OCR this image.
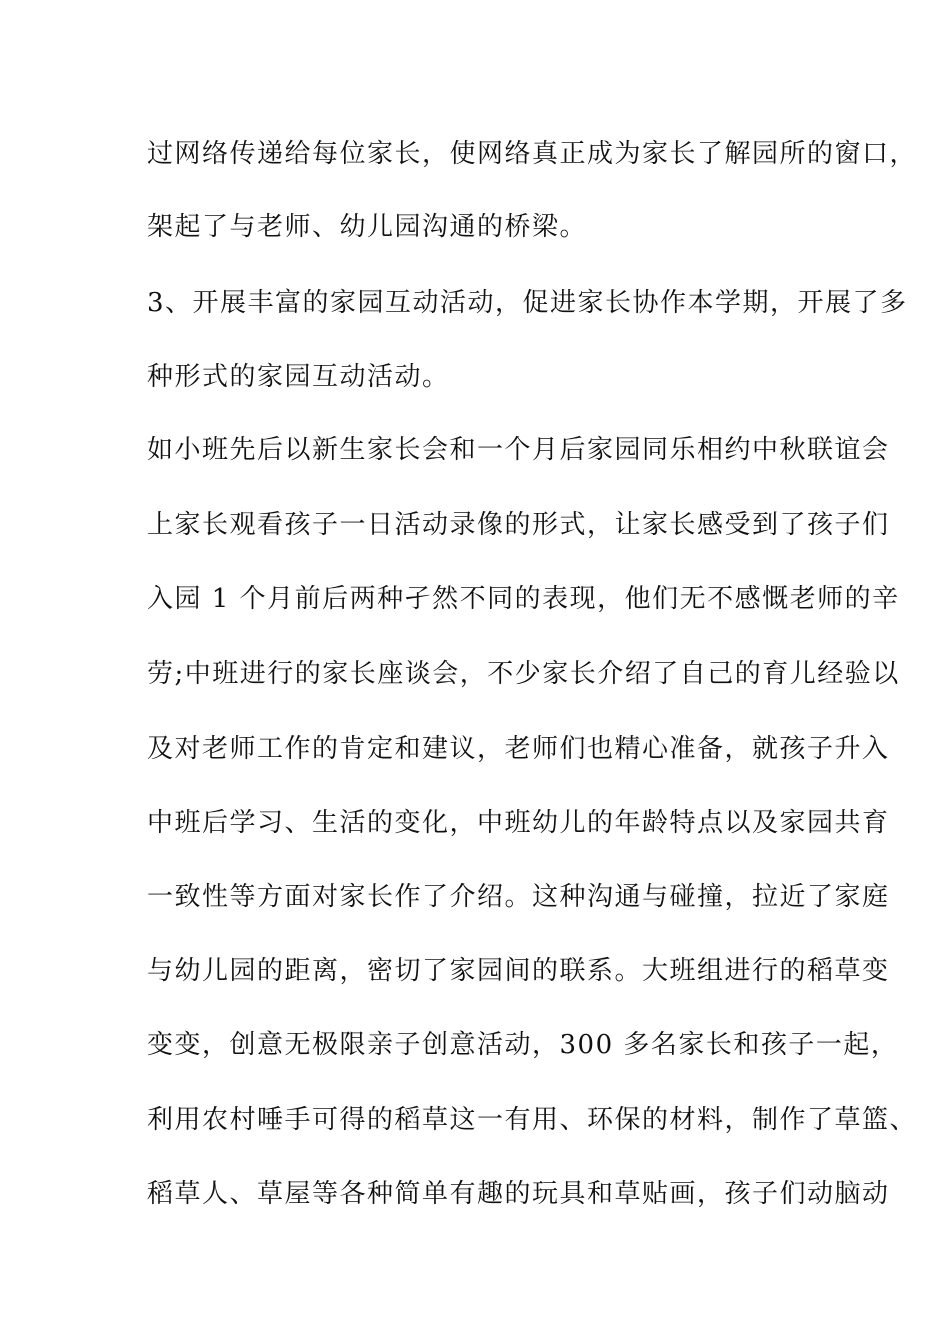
过网络传递给每位家长，使网络真正成为家长了解园所的窗口，
架起了与老师、幼儿园沟通的桥梁。
3、开展丰富的家园互动活动，促进家长协作本学期，开展了多
种形式的家园互动活动。
如小班先后以新生家长会和一个月后家园同乐相约中秋联谊会
上家长观看孩子一日活动录像的形式，让家长感受到了孩子们
入园 1 个月前后两种孑然不同的表现，他们无不感慨老师的辛
劳;中班进行的家长座谈会，不少家长介绍了自己的育儿经验以
及对老师工作的肯定和建议，老师们也精心准备，就孩子升入
中班后学习、生活的变化，中班幼儿的年龄特点以及家园共育
一致性等方面对家长作了介绍。这种沟通与碰撞，拉近了家庭
与幼儿园的距离，密切了家园间的联系。大班组进行的稻草变
变变，创意无极限亲子创意活动，300 多名家长和孩子一起，
利用农村唾手可得的稻草这一有用、环保的材料，制作了草篮、
稻草人、草屋等各种简单有趣的玩具和草贴画，孩子们动脑动
